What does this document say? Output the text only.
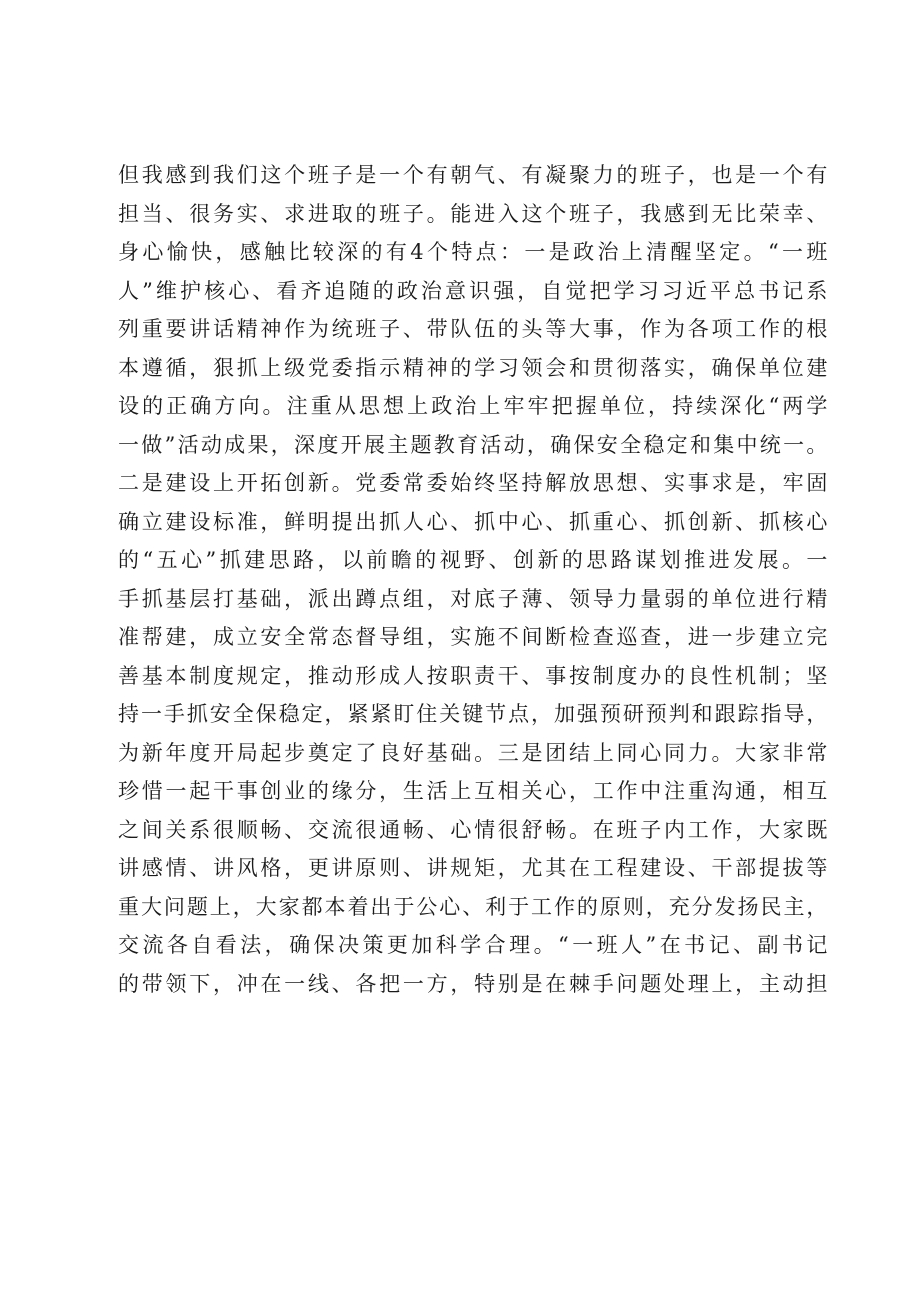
但我感到我们这个班子是一个有朝气、有凝聚力的班子，也是一个有
担当、很务实、求进取的班子。能进入这个班子，我感到无比荣幸、
身心愉快，感触比较深的有4个特点：一是政治上清醒坚定。“一班
人”维护核心、看齐追随的政治意识强，自觉把学习习近平总书记系
列重要讲话精神作为统班子、带队伍的头等大事，作为各项工作的根
本遵循，狠抓上级党委指示精神的学习领会和贯彻落实，确保单位建
设的正确方向。注重从思想上政治上牢牢把握单位，持续深化“两学
一做”活动成果，深度开展主题教育活动，确保安全稳定和集中统一。
二是建设上开拓创新。党委常委始终坚持解放思想、实事求是，牢固
确立建设标准，鲜明提出抓人心、抓中心、抓重心、抓创新、抓核心
的“五心”抓建思路，以前瞻的视野、创新的思路谋划推进发展。一
手抓基层打基础，派出蹲点组，对底子薄、领导力量弱的单位进行精
准帮建，成立安全常态督导组，实施不间断检查巡查，进一步建立完
善基本制度规定，推动形成人按职责干、事按制度办的良性机制；坚
持一手抓安全保稳定，紧紧盯住关键节点，加强预研预判和跟踪指导，
为新年度开局起步奠定了良好基础。三是团结上同心同力。大家非常
珍惜一起干事创业的缘分，生活上互相关心，工作中注重沟通，相互
之间关系很顺畅、交流很通畅、心情很舒畅。在班子内工作，大家既
讲感情、讲风格，更讲原则、讲规矩，尤其在工程建设、干部提拔等
重大问题上，大家都本着出于公心、利于工作的原则，充分发扬民主，
交流各自看法，确保决策更加科学合理。“一班人”在书记、副书记
的带领下，冲在一线、各把一方，特别是在棘手问题处理上，主动担
